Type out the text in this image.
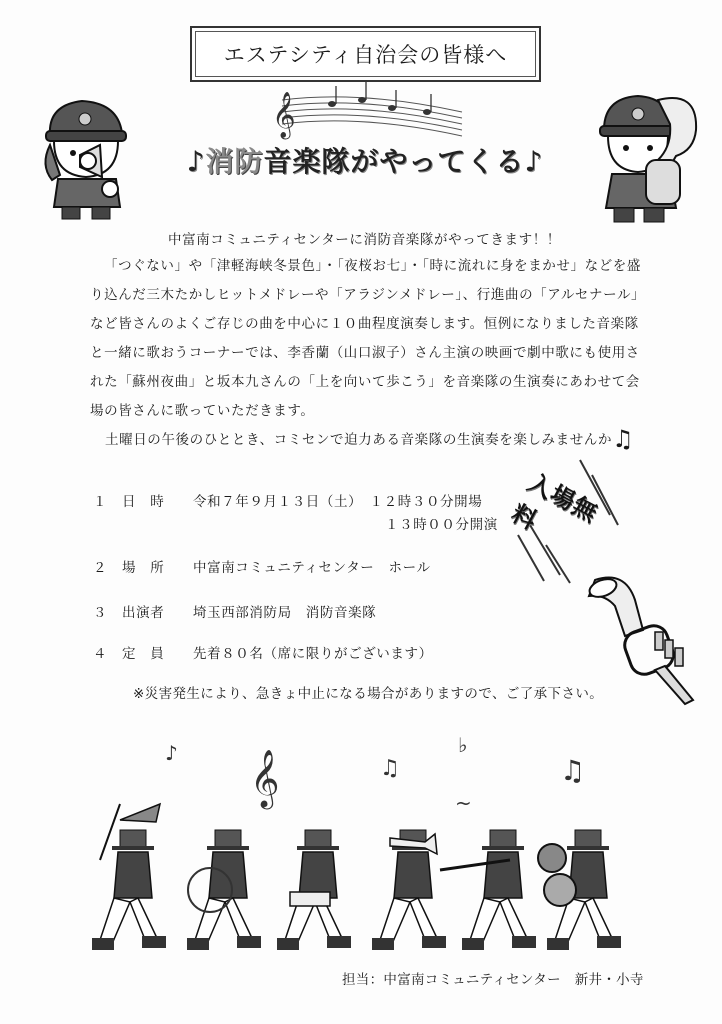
エステシティ自治会の皆様へ
𝄞
♪消防音楽隊がやってくる♪
中富南コミュニティセンターに消防音楽隊がやってきます！！
「つぐない」や「津軽海峡冬景色」・「夜桜お七」・「時に流れに身をまかせ」などを盛
り込んだ三木たかしヒットメドレーや「アラジンメドレー」、行進曲の「アルセナール」
など皆さんのよくご存じの曲を中心に１０曲程度演奏します。恒例になりました音楽隊
と一緒に歌おうコーナーでは、李香蘭（山口淑子）さん主演の映画で劇中歌にも使用さ
れた「蘇州夜曲」と坂本九さんの「上を向いて歩こう」を音楽隊の生演奏にあわせて会
場の皆さんに歌っていただきます。
土曜日の午後のひととき、コミセンで迫力ある音楽隊の生演奏を楽しみませんか♫
１ 日　時 令和７年９月１３日（土）　１２時３０分開場
１３時００分開演
２ 場　所 中富南コミュニティセンター　ホール
３ 出演者 埼玉西部消防局　消防音楽隊
４ 定　員 先着８０名（席に限りがございます）
入場無料
※災害発生により、急きょ中止になる場合がありますので、ご了承下さい。
𝄞
♪
♫
♭
♫
~
担当：中富南コミュニティセンター　新井・小寺
